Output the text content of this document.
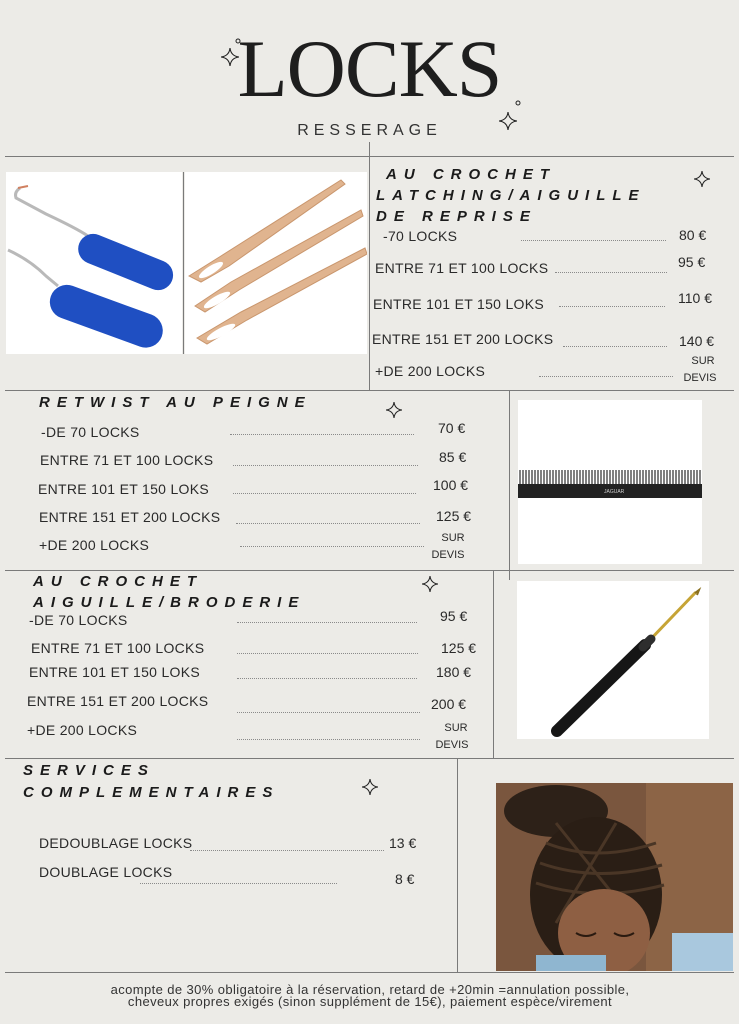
LOCKS
RESSERAGE
AU CROCHET
LATCHING/AIGUILLE
DE REPRISE
-70 LOCKS	80 €
ENTRE 71 ET 100 LOCKS	95 €
ENTRE 101 ET 150 LOKS	110 €
ENTRE 151 ET 200 LOCKS	140 €
+DE 200 LOCKS
SUR
DEVIS
RETWIST AU PEIGNE
-DE 70 LOCKS	70 €
ENTRE 71 ET 100 LOCKS	85 €
ENTRE 101 ET 150 LOKS	100 €
ENTRE 151 ET 200 LOCKS	125 €
+DE 200 LOCKS	SUR
DEVIS
JAGUAR
AU CROCHET
AIGUILLE/BRODERIE
-DE 70 LOCKS	95 €
ENTRE 71 ET 100 LOCKS	125 €
ENTRE 101 ET 150 LOKS	180 €
ENTRE 151 ET 200 LOCKS	200 €
+DE 200 LOCKS	SUR
DEVIS
SERVICES
COMPLEMENTAIRES
DEDOUBLAGE LOCKS	13 €
DOUBLAGE LOCKS	8 €
acompte de 30% obligatoire à la réservation, retard de +20min =annulation possible,
cheveux propres exigés (sinon supplément de 15€), paiement espèce/virement
